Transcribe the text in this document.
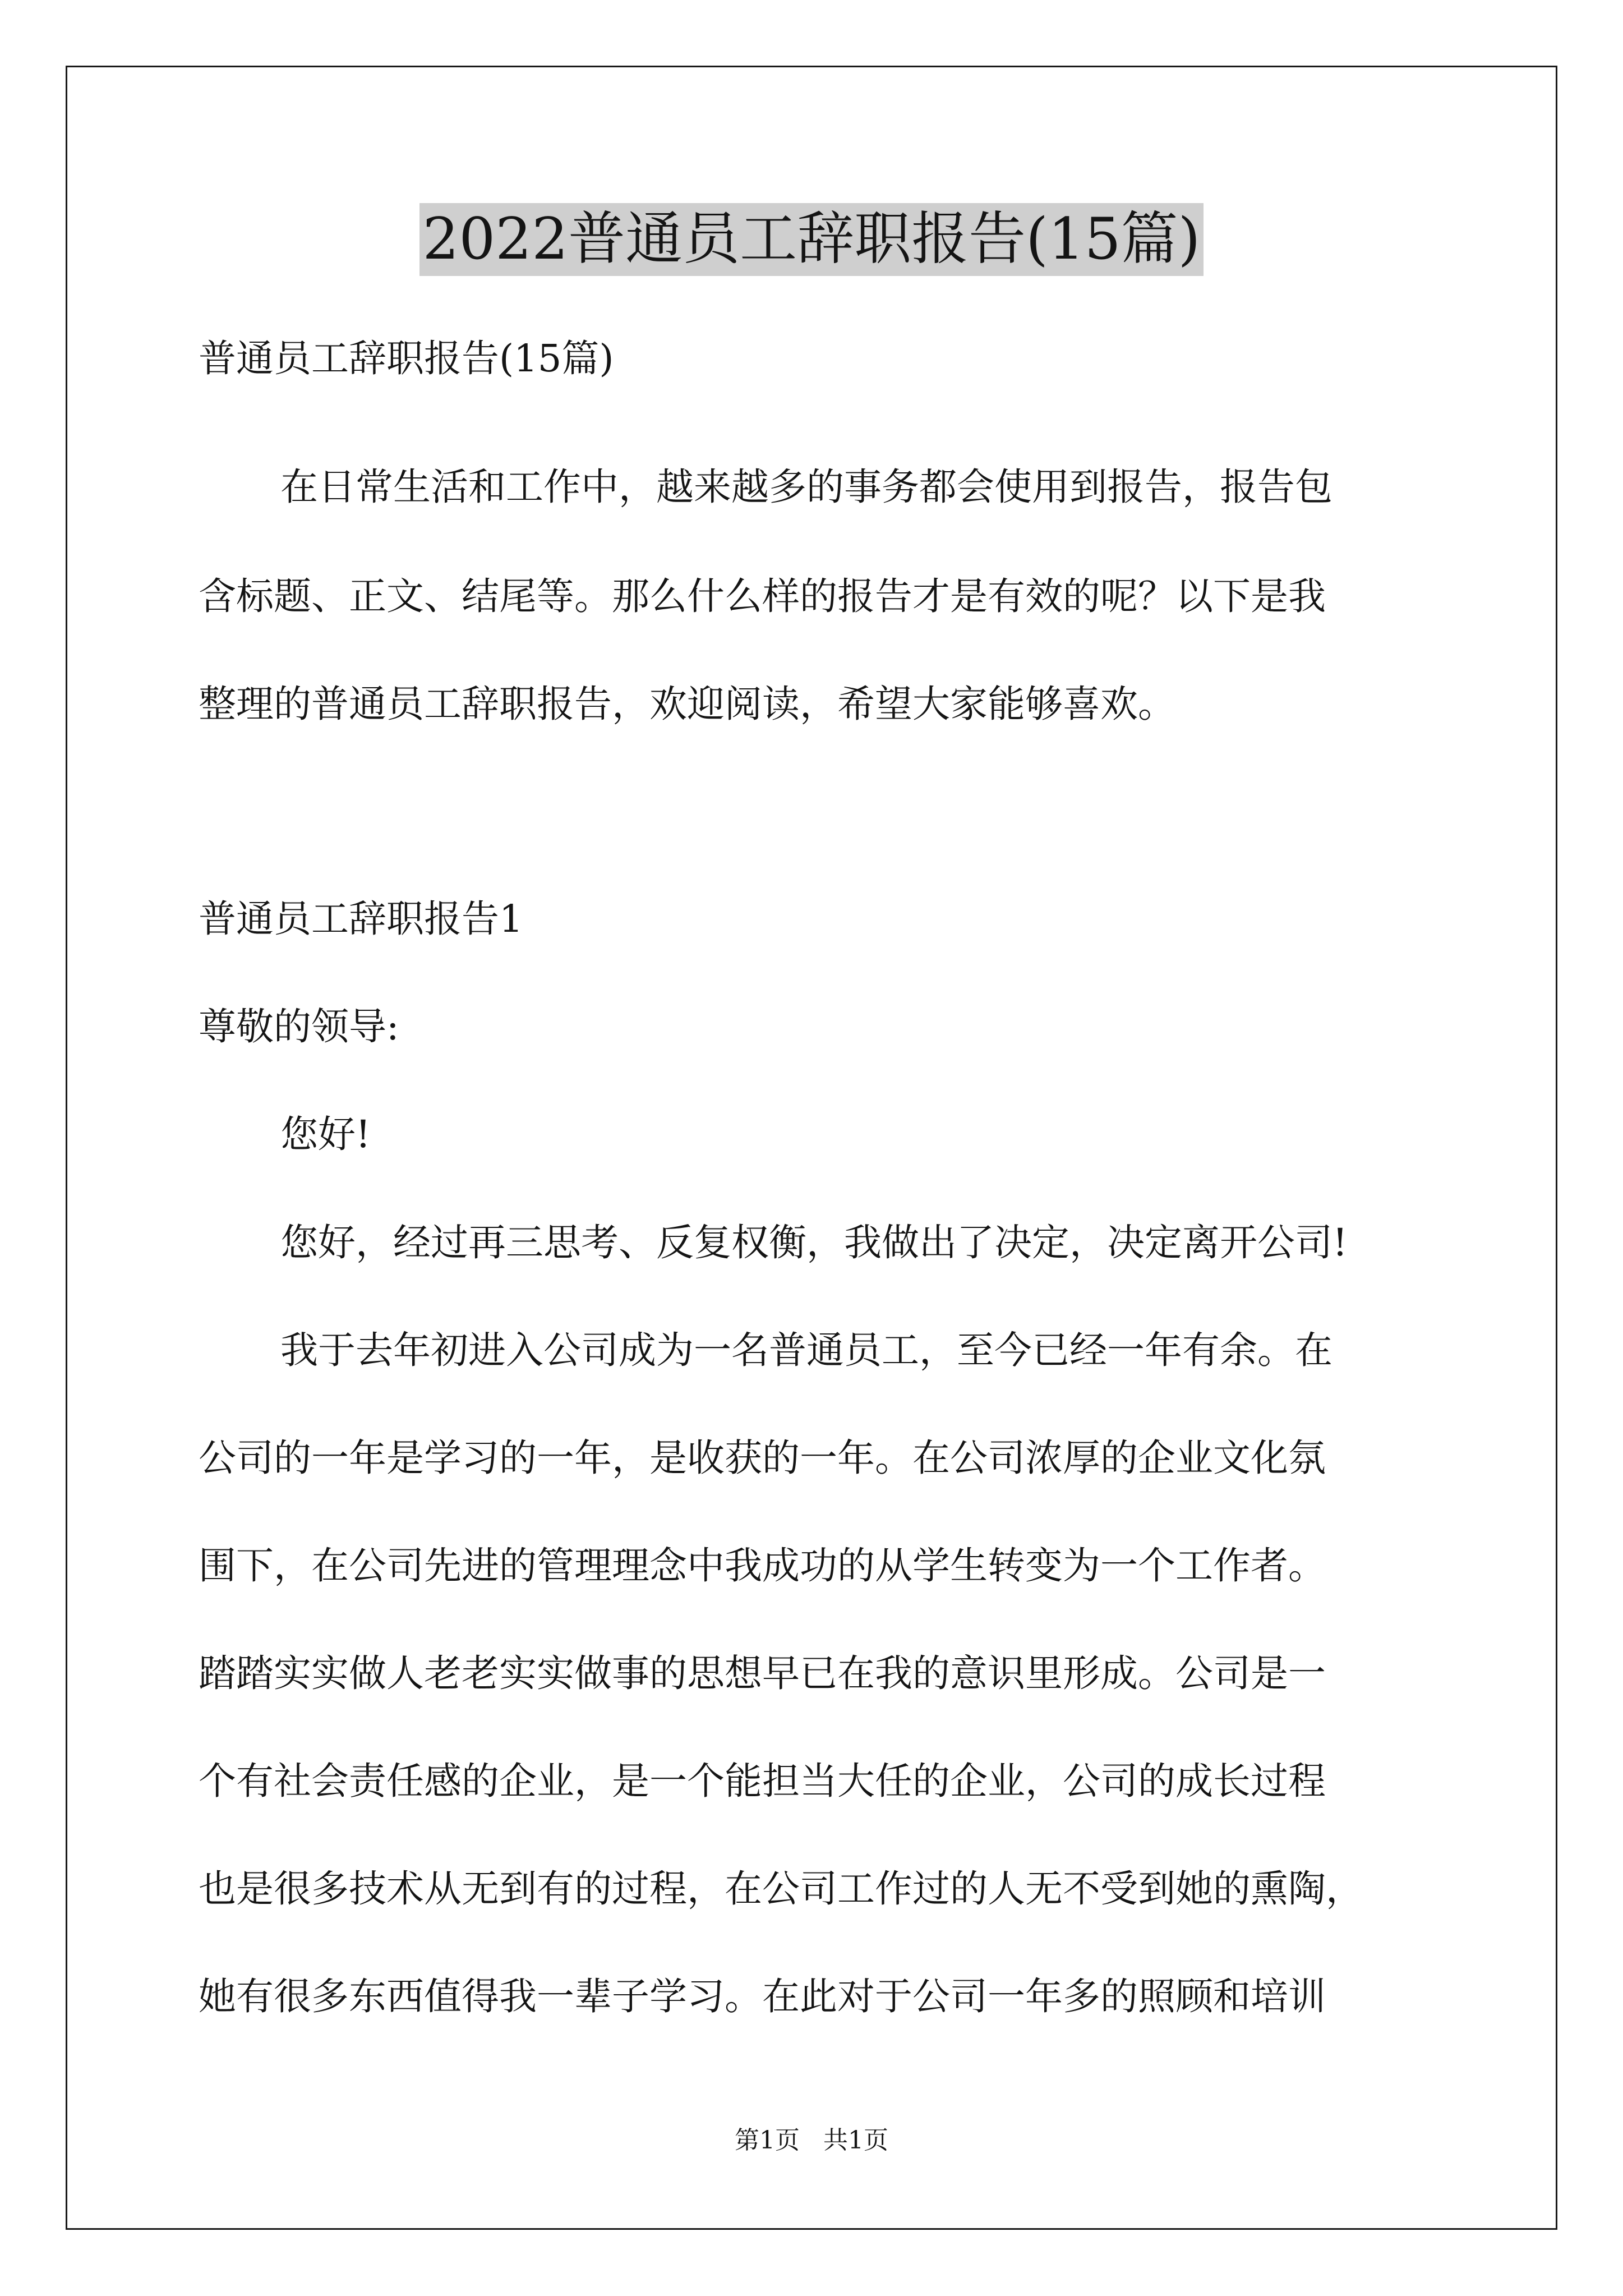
2022普通员工辞职报告(15篇)
普通员工辞职报告(15篇)
在日常生活和工作中，越来越多的事务都会使用到报告，报告包
含标题、正文、结尾等。那么什么样的报告才是有效的呢？以下是我
整理的普通员工辞职报告，欢迎阅读，希望大家能够喜欢。
普通员工辞职报告1
尊敬的领导:
您好!
您好，经过再三思考、反复权衡，我做出了决定，决定离开公司!
我于去年初进入公司成为一名普通员工，至今已经一年有余。在
公司的一年是学习的一年，是收获的一年。在公司浓厚的企业文化氛
围下，在公司先进的管理理念中我成功的从学生转变为一个工作者。
踏踏实实做人老老实实做事的思想早已在我的意识里形成。公司是一
个有社会责任感的企业，是一个能担当大任的企业，公司的成长过程
也是很多技术从无到有的过程，在公司工作过的人无不受到她的熏陶，
她有很多东西值得我一辈子学习。在此对于公司一年多的照顾和培训
第1页   共1页
